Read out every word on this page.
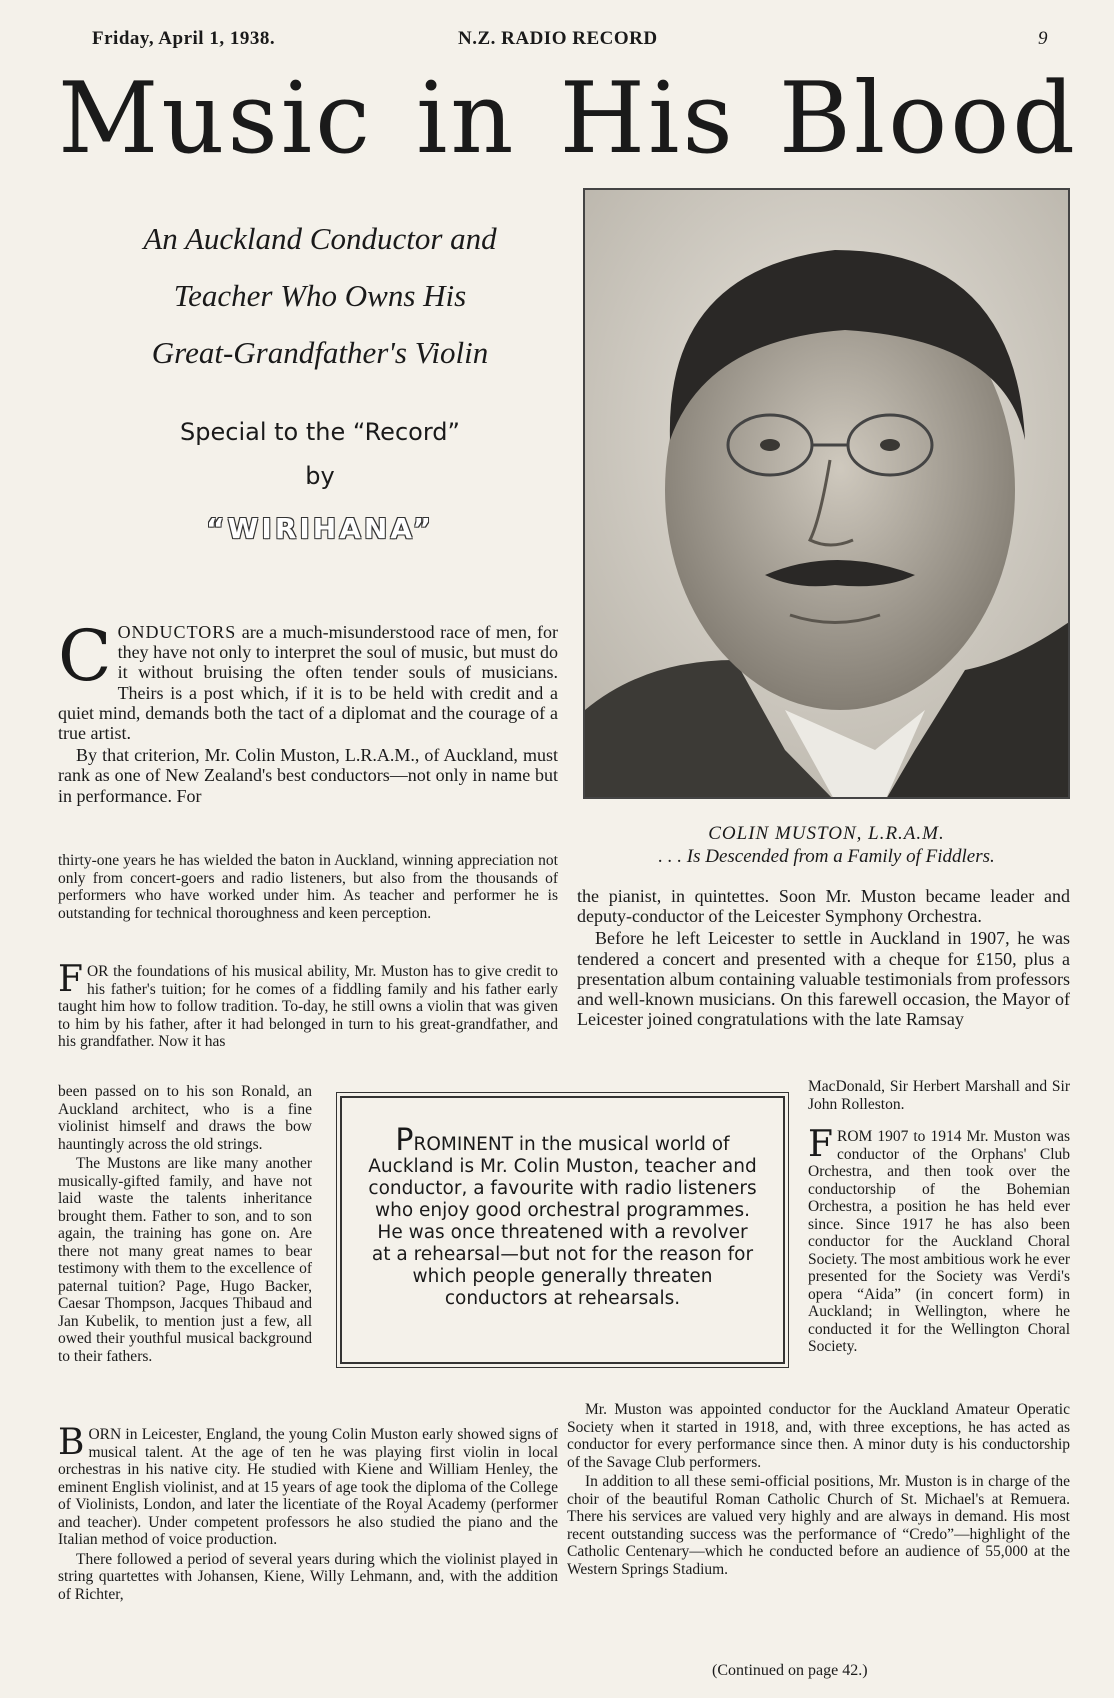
Friday, April 1, 1938.	N.Z. RADIO RECORD	9
Music in His Blood
An Auckland Conductor and
Teacher Who Owns His
Great-Grandfather's Violin
Special to the “Record”
by
“WIRIHANA”
COLIN MUSTON, L.R.A.M.
. . . Is Descended from a Family of Fiddlers.
C ONDUCTORS are a much-misunderstood race of men, for they have not only to interpret the soul of music, but must do it without bruising the often tender souls of musicians. Theirs is a post which, if it is to be held with credit and a quiet mind, demands both the tact of a diplomat and the courage of a true artist.

By that criterion, Mr. Colin Muston, L.R.A.M., of Auckland, must rank as one of New Zealand's best conductors—not only in name but in performance. For

thirty-one years he has wielded the baton in Auckland, winning appreciation not only from concert-goers and radio listeners, but also from the thousands of performers who have worked under him. As teacher and performer he is outstanding for technical thoroughness and keen perception.
F OR the foundations of his musical ability, Mr. Muston has to give credit to his father's tuition; for he comes of a fiddling family and his father early taught him how to follow tradition. To-day, he still owns a violin that was given to him by his father, after it had belonged in turn to his great-grandfather, and his grandfather. Now it has

been passed on to his son Ronald, an Auckland architect, who is a fine violinist himself and draws the bow hauntingly across the old strings.

The Mustons are like many another musically-gifted family, and have not laid waste the talents inheritance brought them. Father to son, and to son again, the training has gone on. Are there not many great names to bear testimony with them to the excellence of paternal tuition? Page, Hugo Backer, Caesar Thompson, Jacques Thibaud and Jan Kubelik, to mention just a few, all owed their youthful musical background to their fathers.

PROMINENT in the musical world of Auckland is Mr. Colin Muston, teacher and conductor, a favourite with radio listeners who enjoy good orchestral programmes. He was once threatened with a revolver at a rehearsal—but not for the reason for which people generally threaten conductors at rehearsals.
B ORN in Leicester, England, the young Colin Muston early showed signs of musical talent. At the age of ten he was playing first violin in local orchestras in his native city. He studied with Kiene and William Henley, the eminent English violinist, and at 15 years of age took the diploma of the College of Violinists, London, and later the licentiate of the Royal Academy (performer and teacher). Under competent professors he also studied the piano and the Italian method of voice production.

There followed a period of several years during which the violinist played in string quartettes with Johansen, Kiene, Willy Lehmann, and, with the addition of Richter,

the pianist, in quintettes. Soon Mr. Muston became leader and deputy-conductor of the Leicester Symphony Orchestra.

Before he left Leicester to settle in Auckland in 1907, he was tendered a concert and presented with a cheque for £150, plus a presentation album containing valuable testimonials from professors and well-known musicians. On this farewell occasion, the Mayor of Leicester joined congratulations with the late Ramsay

MacDonald, Sir Herbert Marshall and Sir John Rolleston.
F ROM 1907 to 1914 Mr. Muston was conductor of the Orphans' Club Orchestra, and then took over the conductorship of the Bohemian Orchestra, a position he has held ever since. Since 1917 he has also been conductor for the Auckland Choral Society. The most ambitious work he ever presented for the Society was Verdi's opera “Aida” (in concert form) in Auckland; in Wellington, where he conducted it for the Wellington Choral Society.

Mr. Muston was appointed conductor for the Auckland Amateur Operatic Society when it started in 1918, and, with three exceptions, he has acted as conductor for every performance since then. A minor duty is his conductorship of the Savage Club performers.

In addition to all these semi-official positions, Mr. Muston is in charge of the choir of the beautiful Roman Catholic Church of St. Michael's at Remuera. There his services are valued very highly and are always in demand. His most recent outstanding success was the performance of “Credo”—highlight of the Catholic Centenary—which he conducted before an audience of 55,000 at the Western Springs Stadium.

(Continued on page 42.)
